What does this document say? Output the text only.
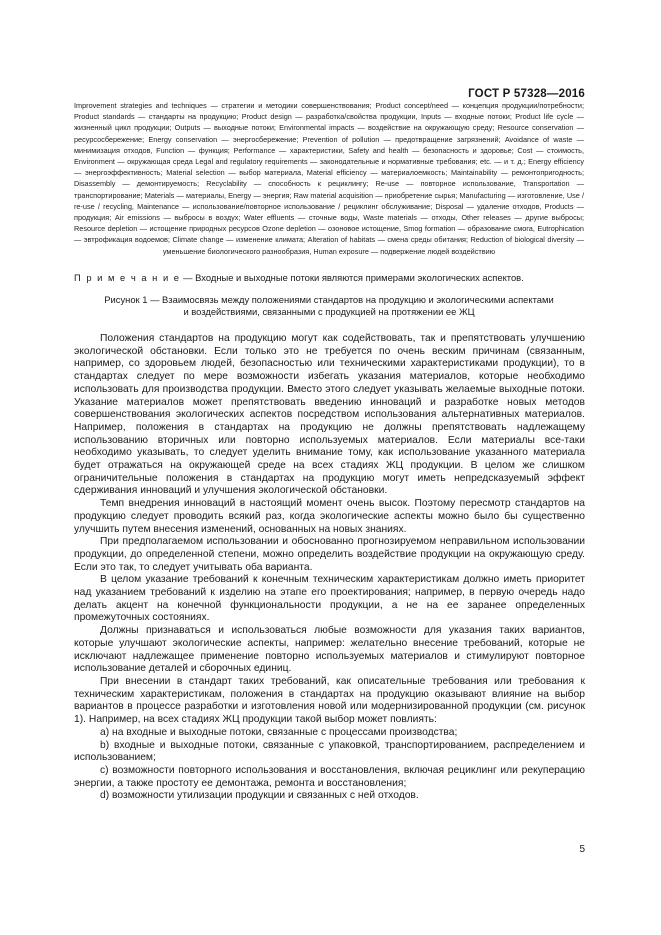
ГОСТ Р 57328—2016
Improvement strategies and techniques — стратегии и методики совершенствования; Product concept/need — концепция продукции/потребности; Product standards — стандарты на продукцию; Product design — разработка/свойства продукции, Inputs — входные потоки; Product life cycle — жизненный цикл продукции; Outputs — выходные потоки; Environmental impacts — воздействие на окружающую среду; Resource conservation — ресурсосбережение; Energy conservation — энергосбережение; Prevention of pollution — предотвращение загрязнений; Avoidance of waste — минимизация отходов, Function — функция; Performance — характеристики, Safety and health — безопасность и здоровье; Cost — стоимость, Environment — окружающая среда Legal and regulatory requirements — законодательные и нормативные требования; etc. — и т. д.; Energy efficiency — энергоэффективность; Material selection — выбор материала, Material efficiency — материалоемкость; Maintainability — ремонтопригодность; Disassembly — демонтируемость; Recyclability — способность к рециклингу; Re-use — повторное использование, Transportation — транспортирование; Materials — материалы, Energy — энергия; Raw material acquisition — приобретение сырья; Manufacturing — изготовление, Use / re-use / recycling, Maintenance — использование/повторное использование / рециклинг обслуживание; Disposal — удаление отходов, Products — продукция; Air emissions — выбросы в воздух; Water effluents — сточные воды, Waste materials — отходы, Other releases — другие выбросы; Resource depletion — истощение природных ресурсов Ozone depletion — озоновое истощение, Smog formation — образование смога, Eutrophication — эвтрофикация водоемов; Climate change — изменение климата; Alteration of habitats — смена среды обитания; Reduction of biological diversity — уменьшение биологического разнообразия, Human exposure — подвержение людей воздействию
П р и м е ч а н и е — Входные и выходные потоки являются примерами экологических аспектов.
Рисунок 1 — Взаимосвязь между положениями стандартов на продукцию и экологическими аспектами
и воздействиями, связанными с продукцией на протяжении ее ЖЦ

Положения стандартов на продукцию могут как содействовать, так и препятствовать улучшению экологической обстановки. Если только это не требуется по очень веским причинам (связанным, например, со здоровьем людей, безопасностью или техническими характеристиками продукции), то в стандартах следует по мере возможности избегать указания материалов, которые необходимо использовать для производства продукции. Вместо этого следует указывать желаемые выходные потоки. Указание материалов может препятствовать введению инноваций и разработке новых методов совершенствования экологических аспектов посредством использования альтернативных материалов. Например, положения в стандартах на продукцию не должны препятствовать надлежащему использованию вторичных или повторно используемых материалов. Если материалы все-таки необходимо указывать, то следует уделить внимание тому, как использование указанного материала будет отражаться на окружающей среде на всех стадиях ЖЦ продукции. В целом же слишком ограничительные положения в стандартах на продукцию могут иметь непредсказуемый эффект сдерживания инноваций и улучшения экологической обстановки.

Темп внедрения инноваций в настоящий момент очень высок. Поэтому пересмотр стандартов на продукцию следует проводить всякий раз, когда экологические аспекты можно было бы существенно улучшить путем внесения изменений, основанных на новых знаниях.

При предполагаемом использовании и обоснованно прогнозируемом неправильном использовании продукции, до определенной степени, можно определить воздействие продукции на окружающую среду. Если это так, то следует учитывать оба варианта.

В целом указание требований к конечным техническим характеристикам должно иметь приоритет над указанием требований к изделию на этапе его проектирования; например, в первую очередь надо делать акцент на конечной функциональности продукции, а не на ее заранее определенных промежуточных состояниях.

Должны признаваться и использоваться любые возможности для указания таких вариантов, которые улучшают экологические аспекты, например: желательно внесение требований, которые не исключают надлежащее применение повторно используемых материалов и стимулируют повторное использование деталей и сборочных единиц.

При внесении в стандарт таких требований, как описательные требования или требования к техническим характеристикам, положения в стандартах на продукцию оказывают влияние на выбор вариантов в процессе разработки и изготовления новой или модернизированной продукции (см. рисунок 1). Например, на всех стадиях ЖЦ продукции такой выбор может повлиять:

a) на входные и выходные потоки, связанные с процессами производства;

b) входные и выходные потоки, связанные с упаковкой, транспортированием, распределением и использованием;

c) возможности повторного использования и восстановления, включая рециклинг или рекуперацию энергии, а также простоту ее демонтажа, ремонта и восстановления;

d) возможности утилизации продукции и связанных с ней отходов.

5
